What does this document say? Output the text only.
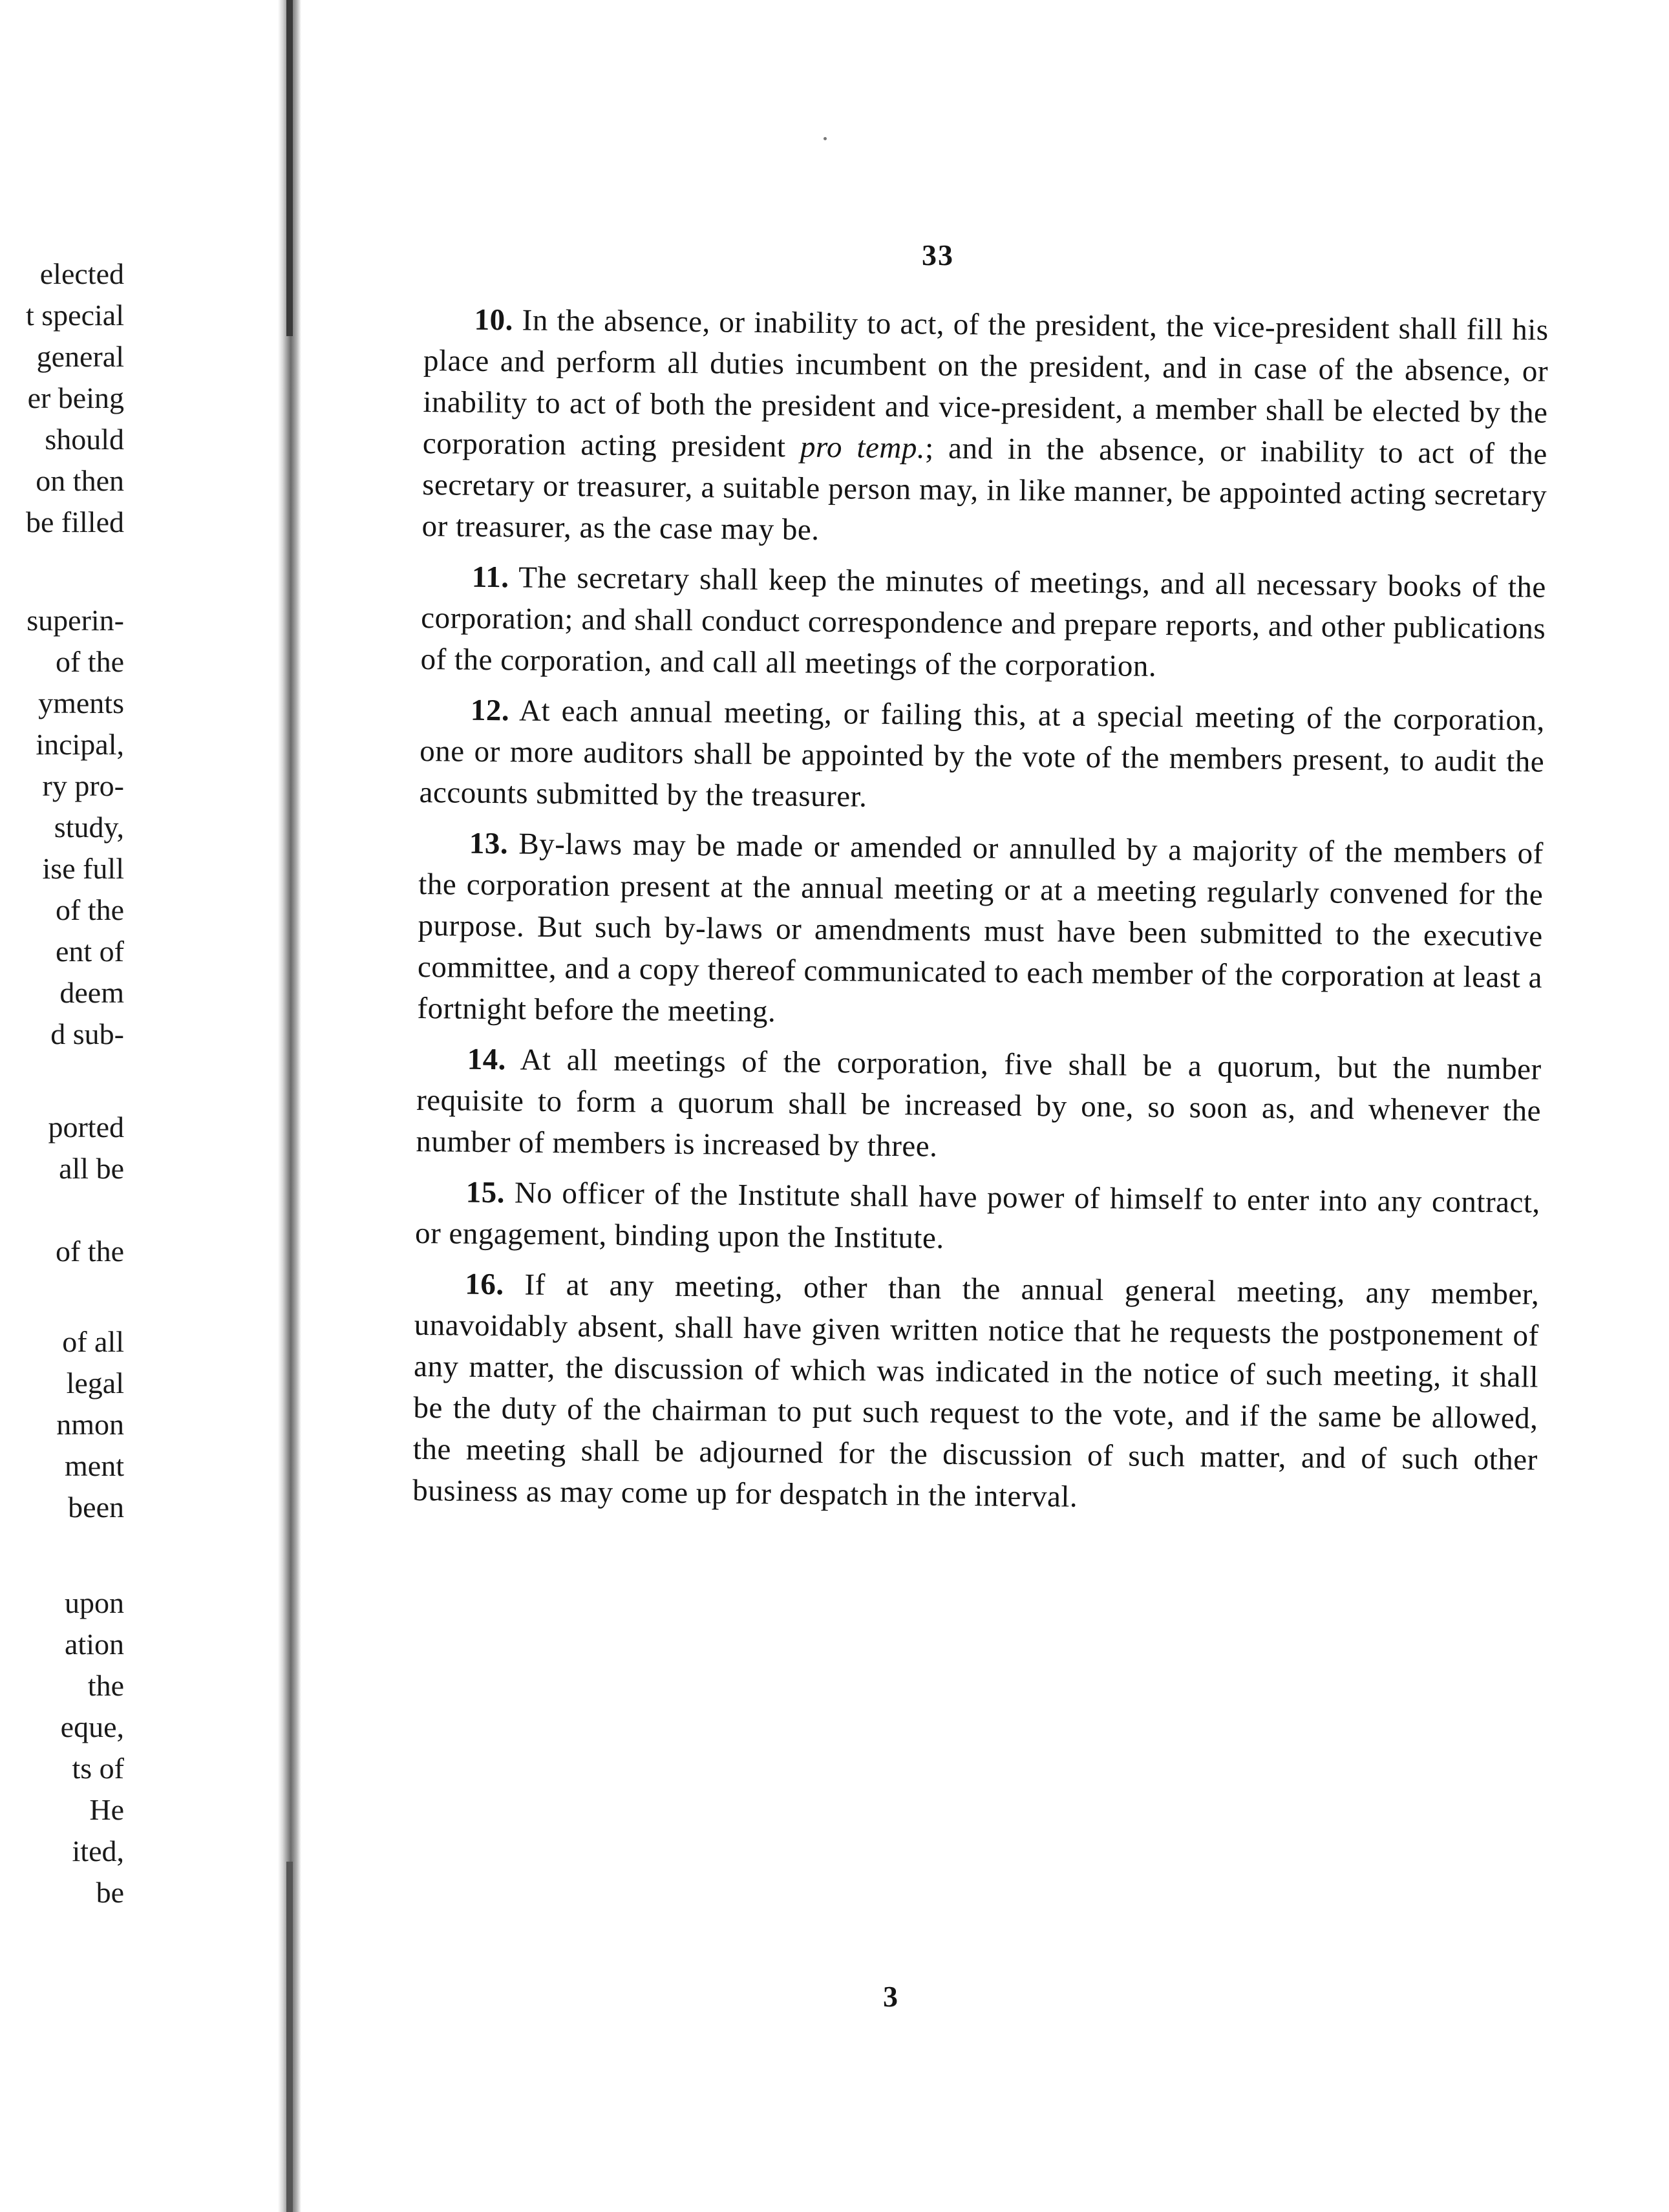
elected
t special
general
er being
should
on then
be filled
superin-
of the
yments
incipal,
ry pro-
study,
ise full
of the
ent of
deem
d sub-
ported
all be
of the
of all
legal
nmon
ment
been
upon
ation
the
eque,
ts of
He
ited,
be
33

10. In the absence, or inability to act, of the president, the vice-president shall fill his place and perform all duties incumbent on the president, and in case of the absence, or inability to act of both the president and vice-president, a member shall be elected by the corporation acting president pro temp.; and in the absence, or inability to act of the secretary or treasurer, a suitable person may, in like manner, be appointed acting secretary or treasurer, as the case may be.

11. The secretary shall keep the minutes of meetings, and all necessary books of the corporation; and shall conduct correspondence and prepare reports, and other publications of the corporation, and call all meetings of the corporation.

12. At each annual meeting, or failing this, at a special meeting of the corporation, one or more auditors shall be appointed by the vote of the members present, to audit the accounts submitted by the treasurer.

13. By-laws may be made or amended or annulled by a majority of the members of the corporation present at the annual meeting or at a meeting regularly convened for the purpose. But such by-laws or amendments must have been submitted to the executive committee, and a copy thereof communicated to each member of the corporation at least a fortnight before the meeting.

14. At all meetings of the corporation, five shall be a quorum, but the number requisite to form a quorum shall be increased by one, so soon as, and whenever the number of members is increased by three.

15. No officer of the Institute shall have power of himself to enter into any contract, or engagement, binding upon the Institute.

16. If at any meeting, other than the annual general meeting, any member, unavoidably absent, shall have given written notice that he requests the postponement of any matter, the discussion of which was indicated in the notice of such meeting, it shall be the duty of the chairman to put such request to the vote, and if the same be allowed, the meeting shall be adjourned for the discussion of such matter, and of such other business as may come up for despatch in the interval.

3
